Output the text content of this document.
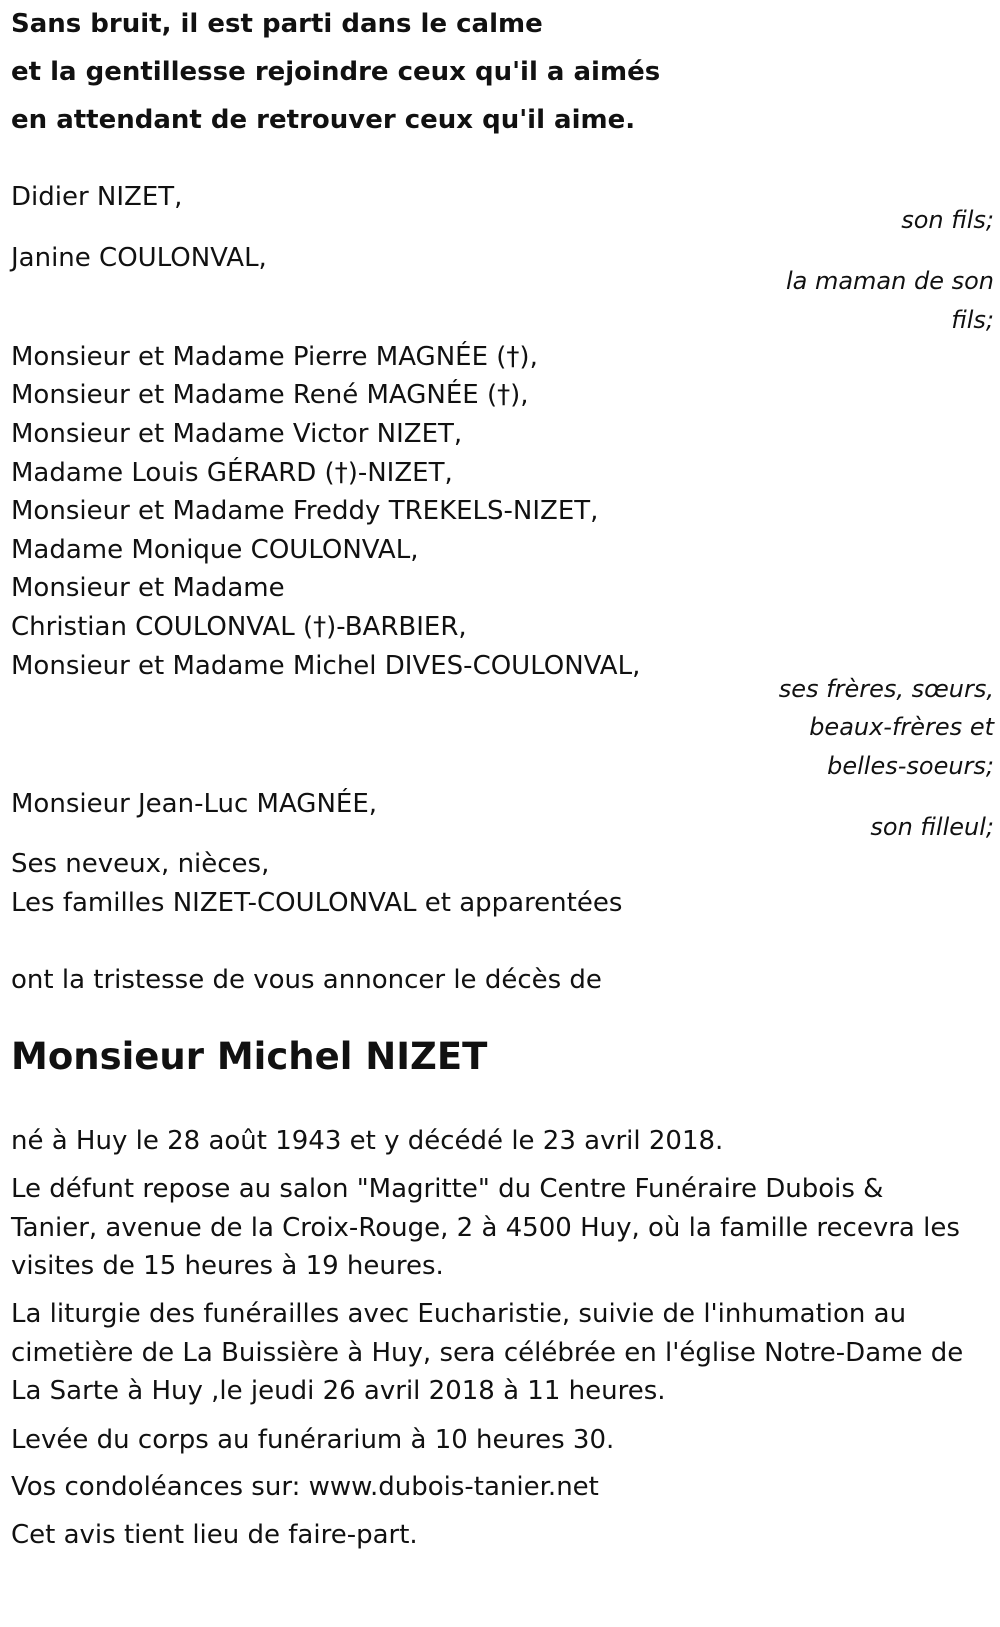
Sans bruit, il est parti dans le calme
et la gentillesse rejoindre ceux qu'il a aimés
en attendant de retrouver ceux qu'il aime.
Didier NIZET,
son fils;
Janine COULONVAL,
la maman de son
fils;
Monsieur et Madame Pierre MAGNÉE (†),
Monsieur et Madame René MAGNÉE (†),
Monsieur et Madame Victor NIZET,
Madame Louis GÉRARD (†)-NIZET,
Monsieur et Madame Freddy TREKELS-NIZET,
Madame Monique COULONVAL,
Monsieur et Madame
Christian COULONVAL (†)-BARBIER,
Monsieur et Madame Michel DIVES-COULONVAL,
ses frères, sœurs,
beaux-frères et
belles-soeurs;
Monsieur Jean-Luc MAGNÉE,
son filleul;
Ses neveux, nièces,
Les familles NIZET-COULONVAL et apparentées
ont la tristesse de vous annoncer le décès de
Monsieur Michel NIZET
né à Huy le 28 août 1943 et y décédé le 23 avril 2018.
Le défunt repose au salon "Magritte" du Centre Funéraire Dubois &
Tanier, avenue de la Croix-Rouge, 2 à 4500 Huy, où la famille recevra les
visites de 15 heures à 19 heures.
La liturgie des funérailles avec Eucharistie, suivie de l'inhumation au
cimetière de La Buissière à Huy, sera célébrée en l'église Notre-Dame de
La Sarte à Huy ,le jeudi 26 avril 2018 à 11 heures.
Levée du corps au funérarium à 10 heures 30.
Vos condoléances sur: www.dubois-tanier.net
Cet avis tient lieu de faire-part.
